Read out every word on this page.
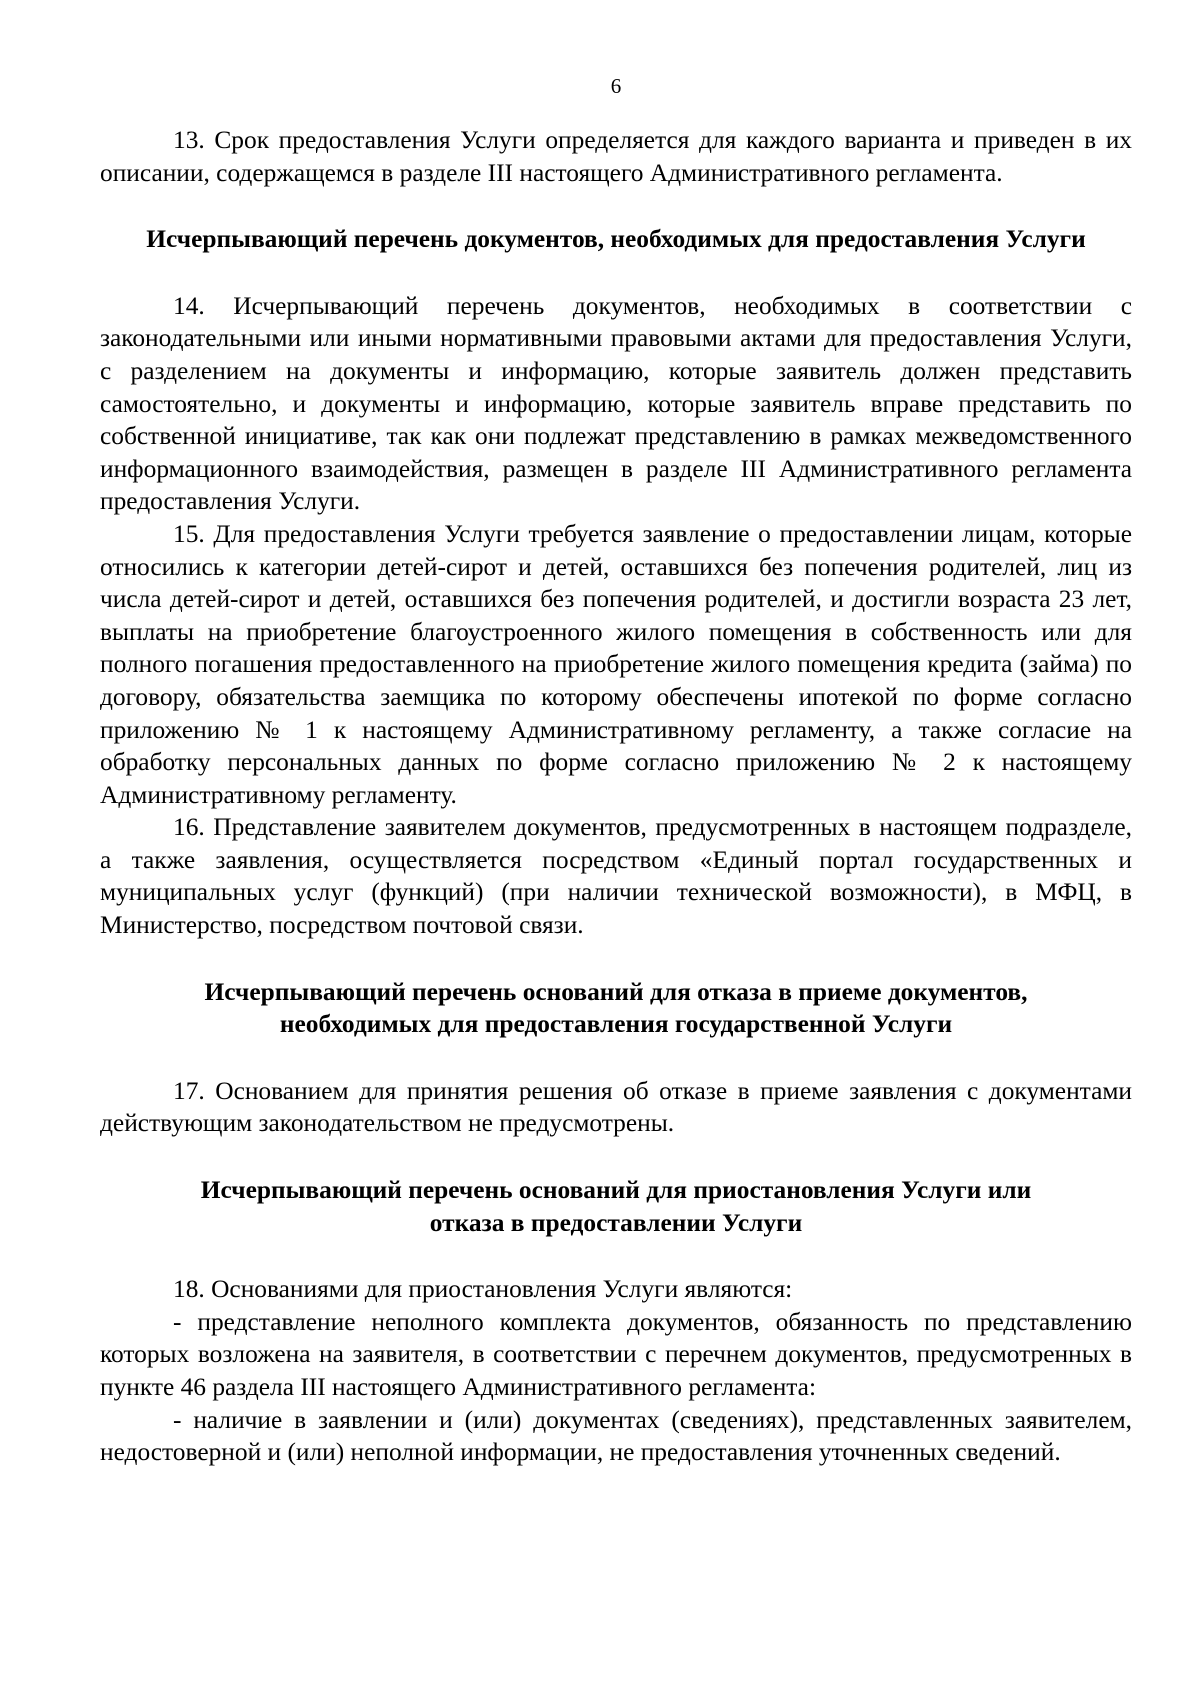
6

13. Срок предоставления Услуги определяется для каждого варианта и приведен в их описании, содержащемся в разделе III настоящего Административного регламента.

Исчерпывающий перечень документов, необходимых для предоставления Услуги

14. Исчерпывающий перечень документов, необходимых в соответствии с законодательными или иными нормативными правовыми актами для предоставления Услуги, с разделением на документы и информацию, которые заявитель должен представить самостоятельно, и документы и информацию, которые заявитель вправе представить по собственной инициативе, так как они подлежат представлению в рамках межведомственного информационного взаимодействия, размещен в разделе III Административного регламента предоставления Услуги.

15. Для предоставления Услуги требуется заявление о предоставлении лицам, которые относились к категории детей-сирот и детей, оставшихся без попечения родителей, лиц из числа детей-сирот и детей, оставшихся без попечения родителей, и достигли возраста 23 лет, выплаты на приобретение благоустроенного жилого помещения в собственность или для полного погашения предоставленного на приобретение жилого помещения кредита (займа) по договору, обязательства заемщика по которому обеспечены ипотекой по форме согласно приложению № 1 к настоящему Административному регламенту, а также согласие на обработку персональных данных по форме согласно приложению № 2 к настоящему Административному регламенту.

16. Представление заявителем документов, предусмотренных в настоящем подразделе, а также заявления, осуществляется посредством «Единый портал государственных и муниципальных услуг (функций) (при наличии технической возможности), в МФЦ, в Министерство, посредством почтовой связи.

Исчерпывающий перечень оснований для отказа в приеме документов, необходимых для предоставления государственной Услуги

17. Основанием для принятия решения об отказе в приеме заявления с документами действующим законодательством не предусмотрены.

Исчерпывающий перечень оснований для приостановления Услуги или отказа в предоставлении Услуги

18. Основаниями для приостановления Услуги являются:

- представление неполного комплекта документов, обязанность по представлению которых возложена на заявителя, в соответствии с перечнем документов, предусмотренных в пункте 46 раздела III настоящего Административного регламента:

- наличие в заявлении и (или) документах (сведениях), представленных заявителем, недостоверной и (или) неполной информации, не предоставления уточненных сведений.
